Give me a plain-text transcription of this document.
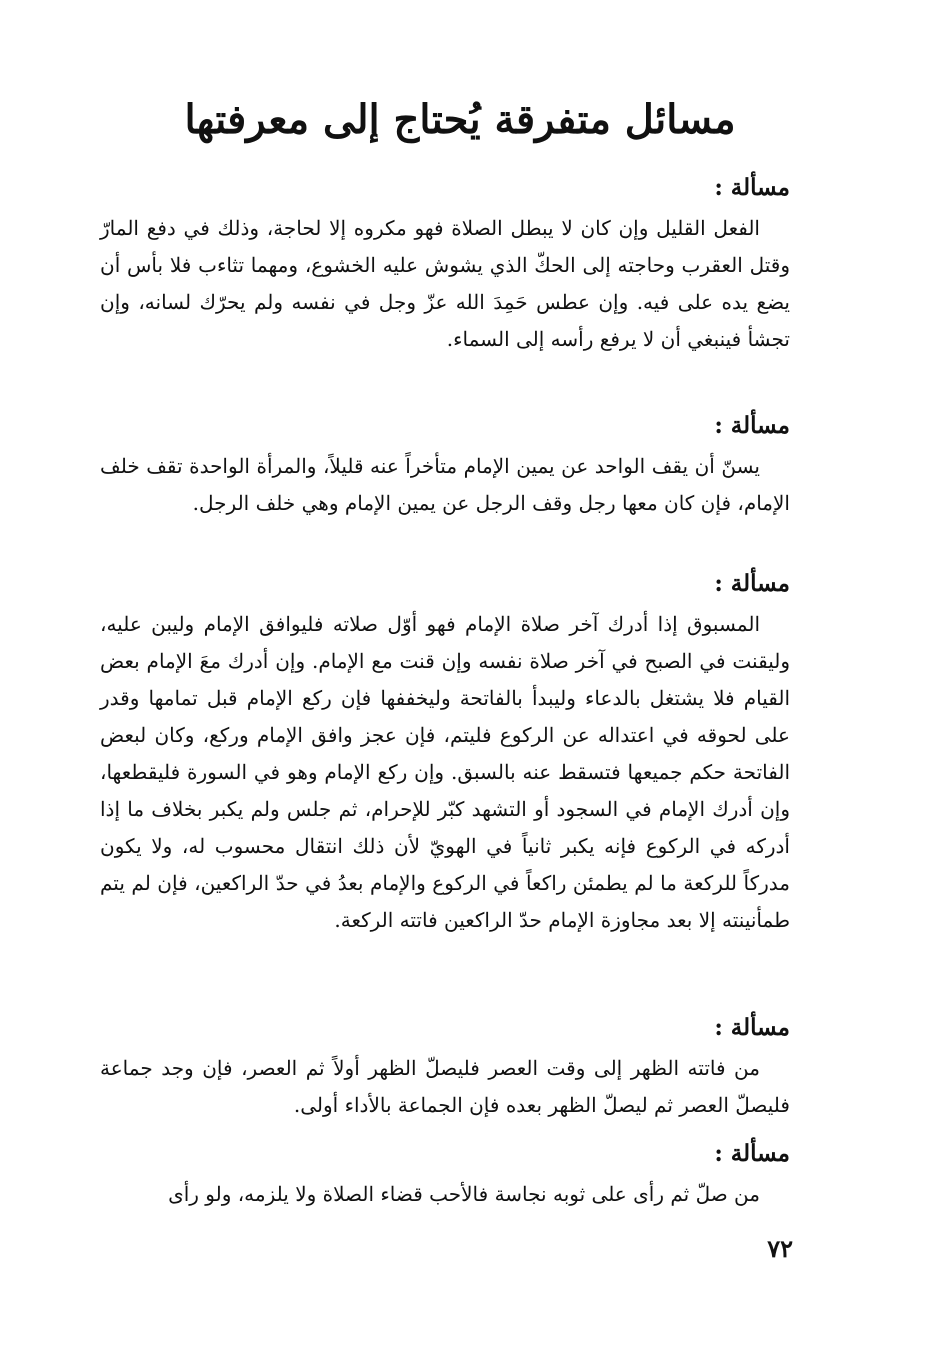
مسائل متفرقة يُحتاج إلى معرفتها
مسألة :

الفعل القليل وإن كان لا يبطل الصلاة فهو مكروه إلا لحاجة، وذلك في دفع المارّ وقتل العقرب وحاجته إلى الحكّ الذي يشوش عليه الخشوع، ومهما تثاءب فلا بأس أن يضع يده على فيه. وإن عطس حَمِدَ الله عزّ وجل في نفسه ولم يحرّك لسانه، وإن تجشأ فينبغي أن لا يرفع رأسه إلى السماء.

مسألة :

يسنّ أن يقف الواحد عن يمين الإمام متأخراً عنه قليلاً، والمرأة الواحدة تقف خلف الإمام، فإن كان معها رجل وقف الرجل عن يمين الإمام وهي خلف الرجل.

مسألة :

المسبوق إذا أدرك آخر صلاة الإمام فهو أوّل صلاته فليوافق الإمام وليبن عليه، وليقنت في الصبح في آخر صلاة نفسه وإن قنت مع الإمام. وإن أدرك معَ الإمام بعض القيام فلا يشتغل بالدعاء وليبدأ بالفاتحة وليخففها فإن ركع الإمام قبل تمامها وقدر على لحوقه في اعتداله عن الركوع فليتم، فإن عجز وافق الإمام وركع، وكان لبعض الفاتحة حكم جميعها فتسقط عنه بالسبق. وإن ركع الإمام وهو في السورة فليقطعها، وإن أدرك الإمام في السجود أو التشهد كبّر للإحرام، ثم جلس ولم يكبر بخلاف ما إذا أدركه في الركوع فإنه يكبر ثانياً في الهويّ لأن ذلك انتقال محسوب له، ولا يكون مدركاً للركعة ما لم يطمئن راكعاً في الركوع والإمام بعدُ في حدّ الراكعين، فإن لم يتم طمأنينته إلا بعد مجاوزة الإمام حدّ الراكعين فاتته الركعة.

مسألة :

من فاتته الظهر إلى وقت العصر فليصلّ الظهر أولاً ثم العصر، فإن وجد جماعة فليصلّ العصر ثم ليصلّ الظهر بعده فإن الجماعة بالأداء أولى.

مسألة :

من صلّ ثم رأى على ثوبه نجاسة فالأحب قضاء الصلاة ولا يلزمه، ولو رأى

٧٢
